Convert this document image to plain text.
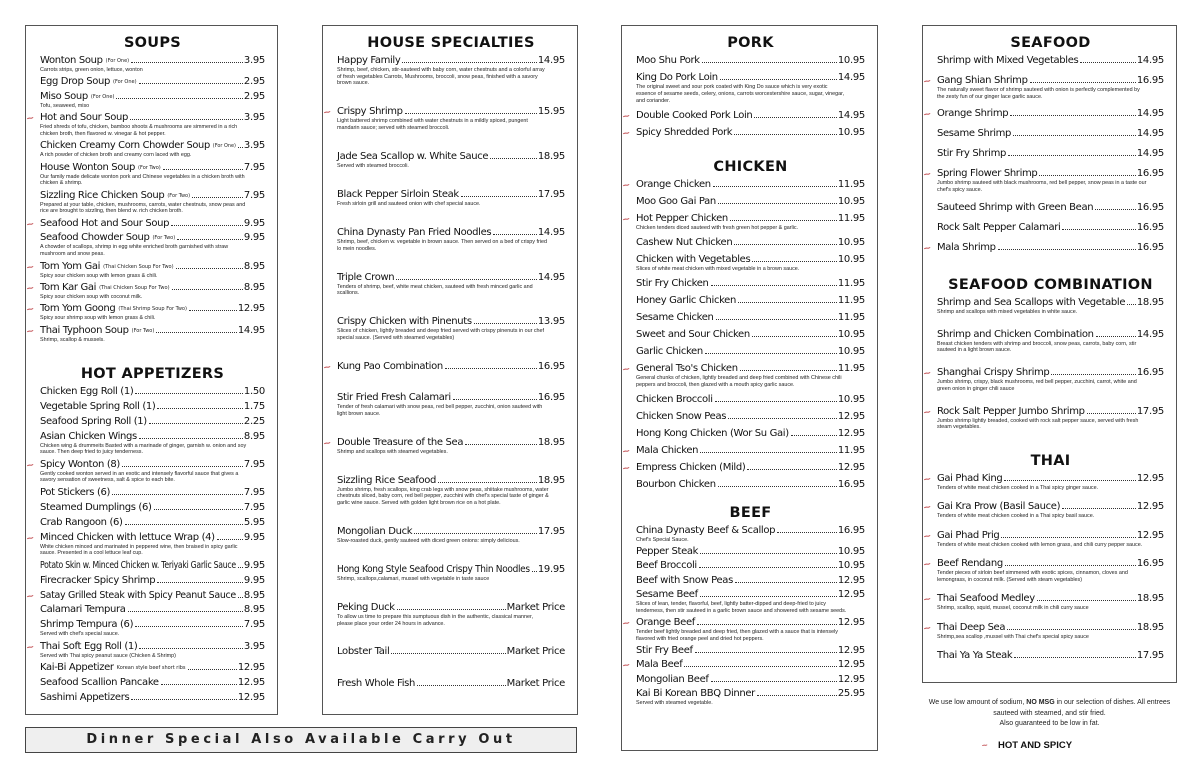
SOUPS
Wonton Soup (For One)	3.95
Carrots strips, green onion, lettuce, wonton
Egg Drop Soup (For One)	2.95
Miso Soup (For One)	2.95
Tofu, seaweed, miso
~
Hot and Sour Soup	3.95
Fried shreds of tofu, chicken, bamboo shoots & mushrooms are simmered in a rich chicken broth, then flavored w. vinegar & hot pepper.
Chicken Creamy Corn Chowder Soup (For One) 3.95
A rich powder of chicken broth and creamy corn laced with egg.
House Wonton Soup (For Two)	7.95
Our family made delicate wonton pork and Chinese vegetables in a chicken broth with chicken & shrimp.
Sizzling Rice Chicken Soup (For Two)	7.95
Prepared at your table, chicken, mushrooms, carrots, water chestnuts, snow peas and rice are brought to sizzling, then blend w. rich chicken broth.
~
Seafood Hot and Sour Soup	9.95
Seafood Chowder Soup (For Two)	9.95
A chowder of scallops, shrimp in egg white enriched broth garnished with straw mushroom and snow peas.
~
Tom Yom Gai (Thai Chicken Soup For Two)	8.95
Spicy sour chicken soup with lemon grass & chili.
~
Tom Kar Gai (Thai Chicken Soup For Two)	8.95
Spicy sour chicken soup with coconut milk.
~
Tom Yom Goong (Thai Shrimp Soup For Two)	12.95
Spicy sour shrimp soup with lemon grass & chili.
~
Thai Typhoon Soup (For Two)	14.95
Shrimp, scallop & mussels.
HOT APPETIZERS
Chicken Egg Roll (1)	1.50
Vegetable Spring Roll (1)	1.75
Seafood Spring Roll (1)	2.25
Asian Chicken Wings	8.95
Chicken wing & drummeits Basted with a marinade of ginger, garnish w. onion and soy sauce. Then deep fried to juicy tenderness.
~
Spicy Wonton (8)	7.95
Gently cooked wonton served in an exotic and intensely flavorful sauce that gives a savory sensation of sweetness, salt & spice to each bite.
Pot Stickers (6)	7.95
Steamed Dumplings (6)	7.95
Crab Rangoon (6)	5.95
~
Minced Chicken with lettuce Wrap (4)	9.95
White chicken minced and marinated in peppered wine, then braised in spicy garlic sauce. Presented in a cool lettuce leaf cup.
Potato Skin w. Minced Chicken w. Teriyaki Garlic Sauce 9.95
Firecracker Spicy Shrimp	9.95
~
Satay Grilled Steak with Spicy Peanut Sauce 8.95
Calamari Tempura	8.95
Shrimp Tempura (6)	7.95
Served with chef's special sauce.
~
Thai Soft Egg Roll (1)	3.95
Served with Thai spicy peanut sauce (Chicken & Shrimp)
Kai-Bi Appetizer Korean style beef short ribs	12.95
Seafood Scallion Pancake	12.95
Sashimi Appetizers	12.95
HOUSE SPECIALTIES
Happy Family	14.95
Shrimp, beef, chicken, stir-sauteed with baby corn, water chestnuts and a colorful array of fresh vegetables Carrots, Mushrooms, broccoli, snow peas, finished with a savory brown sauce.
~
Crispy Shrimp	15.95
Light battered shrimp combined with water chestnuts in a mildly spiced, pungent mandarin sauce; served with steamed broccoli.
Jade Sea Scallop w. White Sauce	18.95
Served with steamed broccoli.
Black Pepper Sirloin Steak	17.95
Fresh sirloin grill and sauteed onion with chef special sauce.
China Dynasty Pan Fried Noodles	14.95
Shrimp, beef, chicken w. vegetable in brown sauce. Then served on a bed of crispy fried lo mein noodles.
Triple Crown	14.95
Tenders of shrimp, beef, white meat chicken, sauteed with fresh minced garlic and scallions.
Crispy Chicken with Pinenuts	13.95
Slices of chicken, lightly breaded and deep fried served with crispy pinenuts in our chef special sauce. (Served with steamed vegetables)
~
Kung Pao Combination	16.95
Stir Fried Fresh Calamari	16.95
Tender of fresh calamari with snow peas, red bell pepper, zucchini, onion sauteed with light brown sauce.
~
Double Treasure of the Sea	18.95
Shrimp and scallops with steamed vegetables.
Sizzling Rice Seafood	18.95
Jumbo shrimp, fresh scallops, king crab legs with snow peas, shiitake mushrooms, water chestnuts sliced, baby corn, red bell pepper, zucchini with chef's special taste of ginger & garlic wine sauce. Served with golden light brown rice on a hot plate.
Mongolian Duck	17.95
Slow-roasted duck, gently sauteed with diced green onions: simply delicious.
Hong Kong Style Seafood Crispy Thin Noodles 19.95
Shrimp, scallops,calamari, mussel with vegetable in taste sauce
Peking Duck	Market Price
To allow us time to prepare this sumptuous dish in the authentic, classical manner, please place your order 24 hours in advance.
Lobster Tail	Market Price
Fresh Whole Fish	Market Price
Dinner Special Also Available Carry Out
PORK
Moo Shu Pork	10.95
King Do Pork Loin	14.95
The original sweet and sour pork coated with King Do sauce which is very exotic essence of sesame seeds, celery, onions, carrots worcestershire sauce, sugar, vinegar, and coriander.
~
Double Cooked Pork Loin	14.95
~
Spicy Shredded Pork	10.95
CHICKEN
~
Orange Chicken	11.95
Moo Goo Gai Pan	10.95
~
Hot Pepper Chicken	11.95
Chicken tenders diced sauteed with fresh green hot pepper & garlic.
Cashew Nut Chicken	10.95
Chicken with Vegetables	10.95
Slices of white meat chicken with mixed vegetable in a brown sauce.
Stir Fry Chicken	11.95
Honey Garlic Chicken	11.95
Sesame Chicken	11.95
Sweet and Sour Chicken	10.95
Garlic Chicken	10.95
~
General Tso's Chicken	11.95
General chunks of chicken, lightly breaded and deep fried combined with Chinese chili peppers and broccoli, then glazed with a mouth spicy garlic sauce.
Chicken Broccoli	10.95
Chicken Snow Peas	12.95
Hong Kong Chicken (Wor Su Gai)	12.95
~
Mala Chicken	11.95
~
Empress Chicken (Mild)	12.95
Bourbon Chicken	16.95
BEEF
China Dynasty Beef & Scallop	16.95
Chef's Special Sauce.
Pepper Steak	10.95
Beef Broccoli	10.95
Beef with Snow Peas	12.95
Sesame Beef	12.95
Slices of lean, tender, flavorful, beef, lightly batter-dipped and deep-fried to juicy tenderness, then stir sauteed in a garlic brown sauce and showered with sesame seeds.
~
Orange Beef	12.95
Tender beef lightly breaded and deep fried, then glazed with a sauce that is intensely flavored with fried orange peel and dried hot peppers.
Stir Fry Beef	12.95
~
Mala Beef	12.95
Mongolian Beef	12.95
Kai Bi Korean BBQ Dinner	25.95
Served with steamed vegetable.
SEAFOOD
Shrimp with Mixed Vegetables	14.95
~
Gang Shian Shrimp	16.95
The naturally sweet flavor of shrimp sauteed with onion is perfectly complemented by the zesty fun of our ginger lace garlic sauce.
~
Orange Shrimp	14.95
Sesame Shrimp	14.95
Stir Fry Shrimp	14.95
~
Spring Flower Shrimp	16.95
Jumbo shrimp sauteed with black mushrooms, red bell pepper, snow peas in a taste our chef's spicy sauce.
Sauteed Shrimp with Green Bean	16.95
Rock Salt Pepper Calamari	16.95
~
Mala Shrimp	16.95
SEAFOOD COMBINATION
Shrimp and Sea Scallops with Vegetable 18.95
Shrimp and scallops with mixed vegetables in white sauce.
Shrimp and Chicken Combination	14.95
Breast chicken tenders with shrimp and broccoli, snow peas, carrots, baby corn, stir sauteed in a light brown sauce.
~
Shanghai Crispy Shrimp	16.95
Jumbo shrimp, crispy, black mushrooms, red bell pepper, zucchini, carrot, white and green onion in ginger chili sauce
~
Rock Salt Pepper Jumbo Shrimp	17.95
Jumbo shrimp lightly breaded, cooked with rock salt pepper sauce, served with fresh steam vegetables.
THAI
~
Gai Phad King	12.95
Tenders of white meat chicken cooked in a Thai spicy ginger sauce.
~
Gai Kra Prow (Basil Sauce)	12.95
Tenders of white meat chicken cooked in a Thai spicy basil sauce.
~
Gai Phad Prig	12.95
Tenders of white meat chicken cooked with lemon grass, and chili curry pepper sauce.
~
Beef Rendang	16.95
Tender pieces of sirloin beef simmered with exotic spices, cinnamon, cloves and lemongrass, in coconut milk. (Served with steam vegetables)
~
Thai Seafood Medley	18.95
Shrimp, scallop, squid, mussel, coconut milk in chili curry sauce
~
Thai Deep Sea	18.95
Shrimp,sea scallop ,mussel with Thai chef's special spicy sauce
Thai Ya Ya Steak	17.95
We use low amount of sodium, NO MSG in our selection of dishes. All entrees
sauteed with steamed, and stir fried.
Also guaranteed to be low in fat.
~
HOT AND SPICY
